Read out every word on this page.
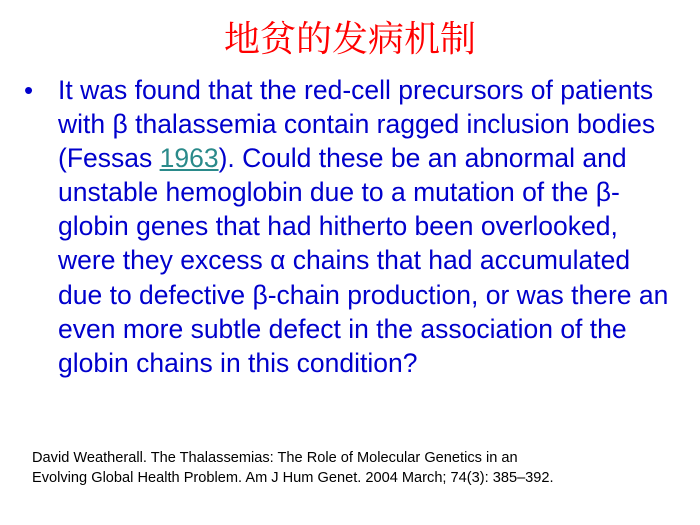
地贫的发病机制
• It was found that the red-cell precursors of patients with β thalassemia contain ragged inclusion bodies (Fessas 1963). Could these be an abnormal and unstable hemoglobin due to a mutation of the β-globin genes that had hitherto been overlooked, were they excess α chains that had accumulated due to defective β-chain production, or was there an even more subtle defect in the association of the globin chains in this condition?
David Weatherall. The Thalassemias: The Role of Molecular Genetics in an
Evolving Global Health Problem. Am J Hum Genet. 2004 March; 74(3): 385–392.
